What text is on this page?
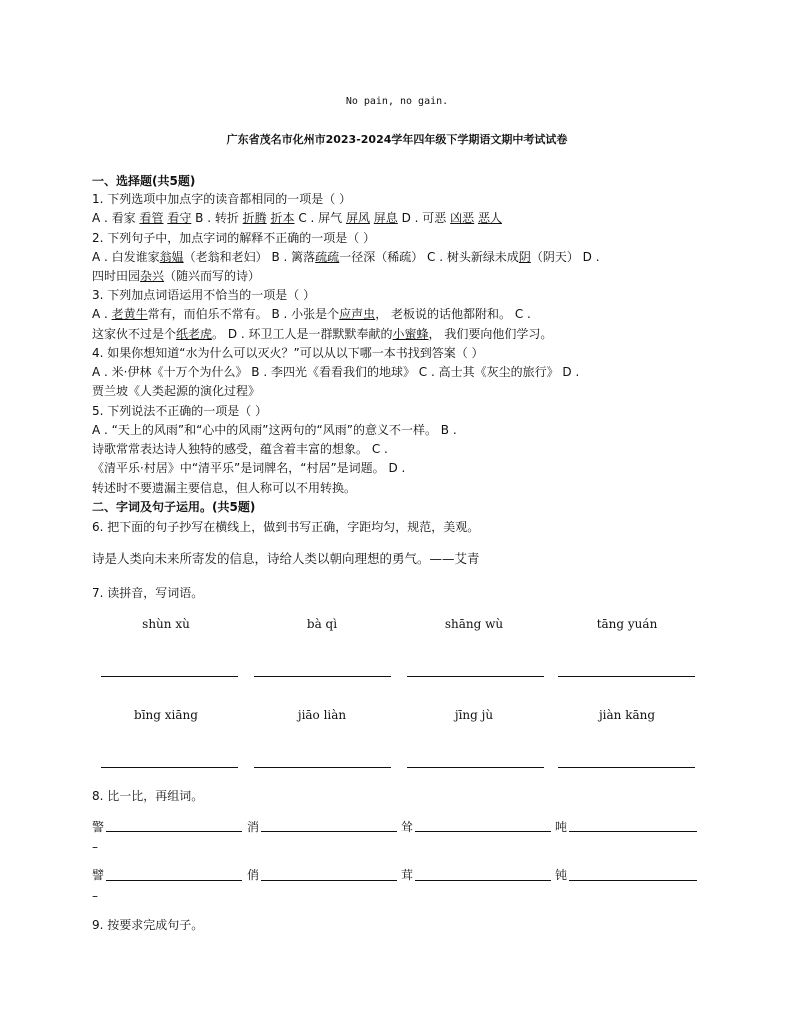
No pain, no gain.
广东省茂名市化州市2023-2024学年四年级下学期语文期中考试试卷
一、选择题(共5题)
1. 下列选项中加点字的读音都相同的一项是（ ）
A . 看家 看管 看守 B . 转折 折腾 折本 C . 屏气 屏风 屏息 D . 可恶 凶恶 恶人
2. 下列句子中，加点字词的解释不正确的一项是（ ）
A . 白发谁家翁媪（老翁和老妇） B . 篱落疏疏一径深（稀疏） C . 树头新绿未成阴（阴天） D .
四时田园杂兴（随兴而写的诗）
3. 下列加点词语运用不恰当的一项是（ ）
A . 老黄牛常有，而伯乐不常有。 B . 小张是个应声虫， 老板说的话他都附和。 C .
这家伙不过是个纸老虎。 D . 环卫工人是一群默默奉献的小蜜蜂， 我们要向他们学习。
4. 如果你想知道“水为什么可以灭火？”可以从以下哪一本书找到答案（ ）
A . 米·伊林《十万个为什么》 B . 李四光《看看我们的地球》 C . 高士其《灰尘的旅行》 D .
贾兰坡《人类起源的演化过程》
5. 下列说法不正确的一项是（ ）
A . “天上的风雨”和“心中的风雨”这两句的“风雨”的意义不一样。 B .
诗歌常常表达诗人独特的感受，蕴含着丰富的想象。 C .
《清平乐·村居》中“清平乐”是词牌名，“村居”是词题。 D .
转述时不要遗漏主要信息，但人称可以不用转换。
二、字词及句子运用。(共5题)
6. 把下面的句子抄写在横线上，做到书写正确，字距均匀，规范，美观。
诗是人类向未来所寄发的信息，诗给人类以朝向理想的勇气。——艾青
7. 读拼音，写词语。
shùn xù	bà qì	shāng wù	tāng yuán
bīng xiāng	jiāo liàn	jīng jù	jiàn kāng
8. 比一比，再组词。
警	消	耸	吨
–
譬	俏	茸	钝
–
9. 按要求完成句子。
